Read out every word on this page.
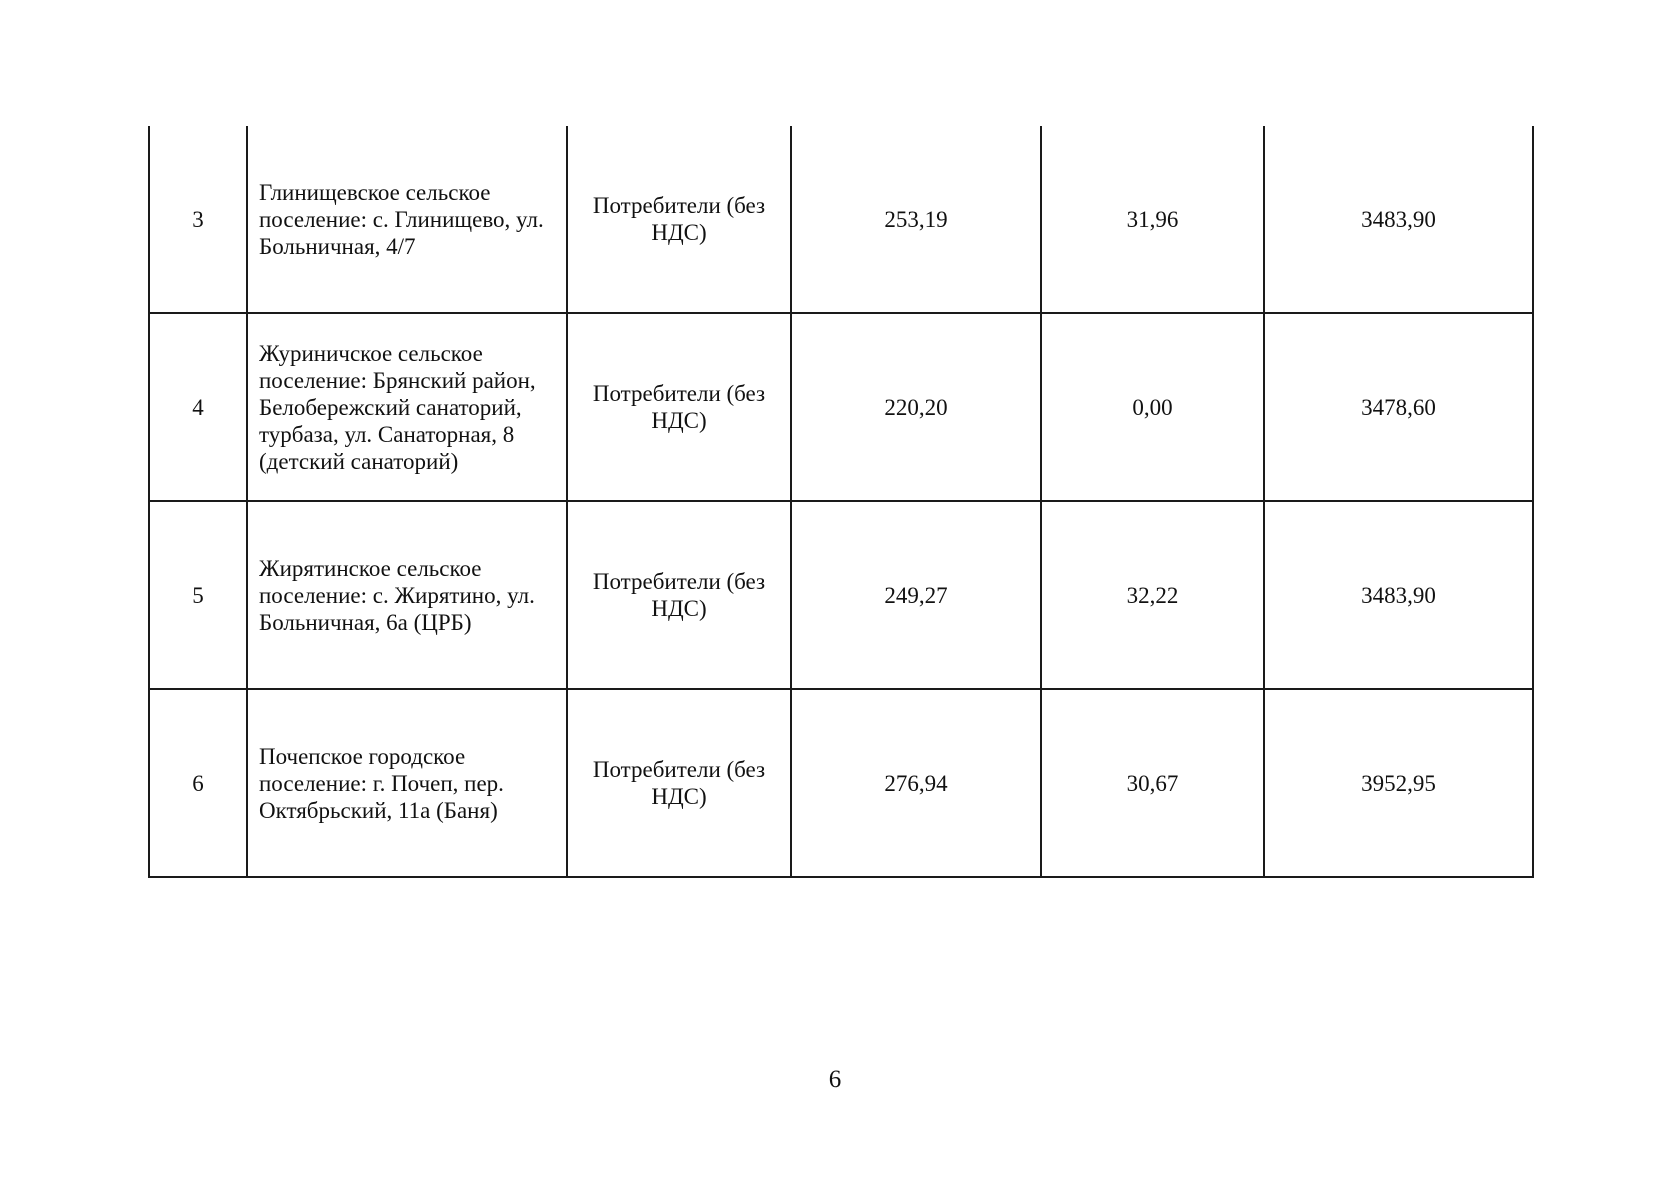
3	Глинищевское сельское поселение: с. Глинищево, ул. Больничная, 4/7	Потребители (без НДС)	253,19	31,96	3483,90
4	Журиничское сельское поселение: Брянский район, Белобережский санаторий, турбаза, ул. Санаторная, 8 (детский санаторий)	Потребители (без НДС)	220,20	0,00	3478,60
5	Жирятинское сельское поселение: с. Жирятино, ул. Больничная, 6а (ЦРБ)	Потребители (без НДС)	249,27	32,22	3483,90
6	Почепское городское поселение: г. Почеп, пер. Октябрьский, 11а (Баня)	Потребители (без НДС)	276,94	30,67	3952,95
6
